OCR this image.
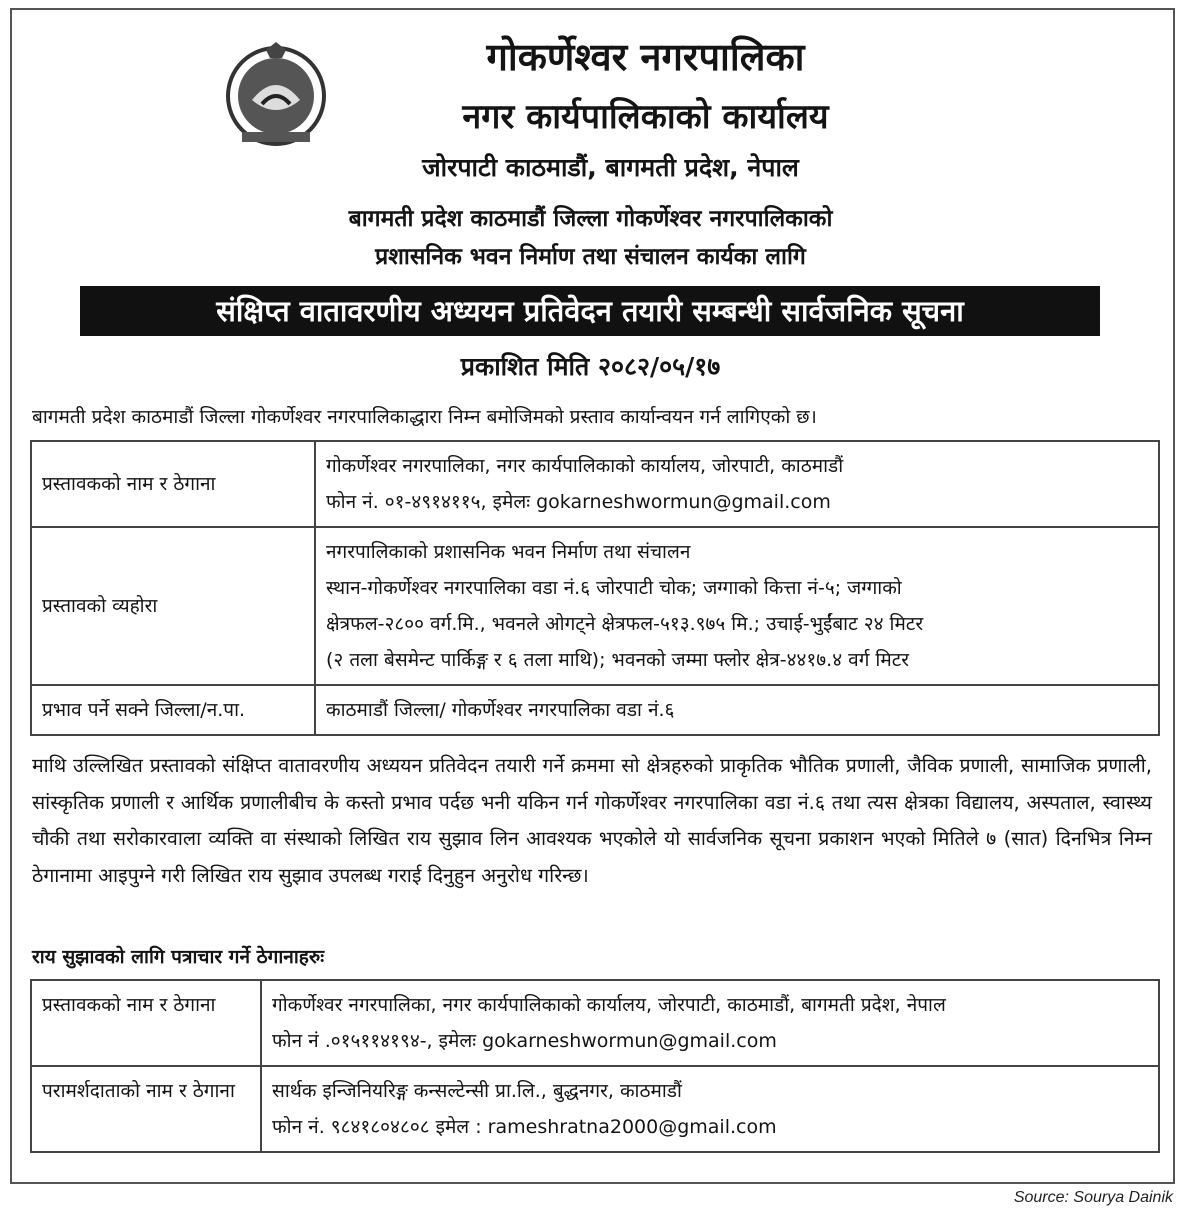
गोकर्णेश्वर नगरपालिका
नगर कार्यपालिकाको कार्यालय
जोरपाटी काठमाडौं, बागमती प्रदेश, नेपाल
बागमती प्रदेश काठमाडौं जिल्ला गोकर्णेश्वर नगरपालिकाको
प्रशासनिक भवन निर्माण तथा संचालन कार्यका लागि
संक्षिप्त वातावरणीय अध्ययन प्रतिवेदन तयारी सम्बन्धी सार्वजनिक सूचना
प्रकाशित मिति २०८२/०५/१७
बागमती प्रदेश काठमाडौं जिल्ला गोकर्णेश्वर नगरपालिकाद्धारा निम्न बमोजिमको प्रस्ताव कार्यान्वयन गर्न लागिएको छ।
प्रस्तावकको नाम र ठेगाना	गोकर्णेश्वर नगरपालिका, नगर कार्यपालिकाको कार्यालय, जोरपाटी, काठमाडौं
फोन नं. ०१-४९१४११५, इमेलः gokarneshwormun@gmail.com

प्रस्तावको व्यहोरा	नगरपालिकाको प्रशासनिक भवन निर्माण तथा संचालन
स्थान-गोकर्णेश्वर नगरपालिका वडा नं.६ जोरपाटी चोक; जग्गाको कित्ता नं-५; जग्गाको
क्षेत्रफल-२८०० वर्ग.मि., भवनले ओगट्ने क्षेत्रफल-५१३.९७५ मि.; उचाई-भुईंबाट २४ मिटर
(२ तला बेसमेन्ट पार्किङ्ग र ६ तला माथि); भवनको जम्मा फ्लोर क्षेत्र-४४१७.४ वर्ग मिटर

प्रभाव पर्ने सक्ने जिल्ला/न.पा.	काठमाडौं जिल्ला/ गोकर्णेश्वर नगरपालिका वडा नं.६
माथि उल्लिखित प्रस्तावको संक्षिप्त वातावरणीय अध्ययन प्रतिवेदन तयारी गर्ने क्रममा सो क्षेत्रहरुको प्राकृतिक भौतिक प्रणाली, जैविक प्रणाली, सामाजिक प्रणाली, सांस्कृतिक प्रणाली र आर्थिक प्रणालीबीच के कस्तो प्रभाव पर्दछ भनी यकिन गर्न गोकर्णेश्वर नगरपालिका वडा नं.६ तथा त्यस क्षेत्रका विद्यालय, अस्पताल, स्वास्थ्य चौकी तथा सरोकारवाला व्यक्ति वा संस्थाको लिखित राय सुझाव लिन आवश्यक भएकोले यो सार्वजनिक सूचना प्रकाशन भएको मितिले ७ (सात) दिनभित्र निम्न ठेगानामा आइपुग्ने गरी लिखित राय सुझाव उपलब्ध गराई दिनुहुन अनुरोध गरिन्छ।
राय सुझावको लागि पत्राचार गर्ने ठेगानाहरुः
प्रस्तावकको नाम र ठेगाना	गोकर्णेश्वर नगरपालिका, नगर कार्यपालिकाको कार्यालय, जोरपाटी, काठमाडौं, बागमती प्रदेश, नेपाल
फोन नं .०१५११४१९४-, इमेलः gokarneshwormun@gmail.com

परामर्शदाताको नाम र ठेगाना	सार्थक इन्जिनियरिङ्ग कन्सल्टेन्सी प्रा.लि., बुद्धनगर, काठमाडौं
फोन नं. ९८४१८०४८०८ इमेल : rameshratna2000@gmail.com
Source: Sourya Dainik
